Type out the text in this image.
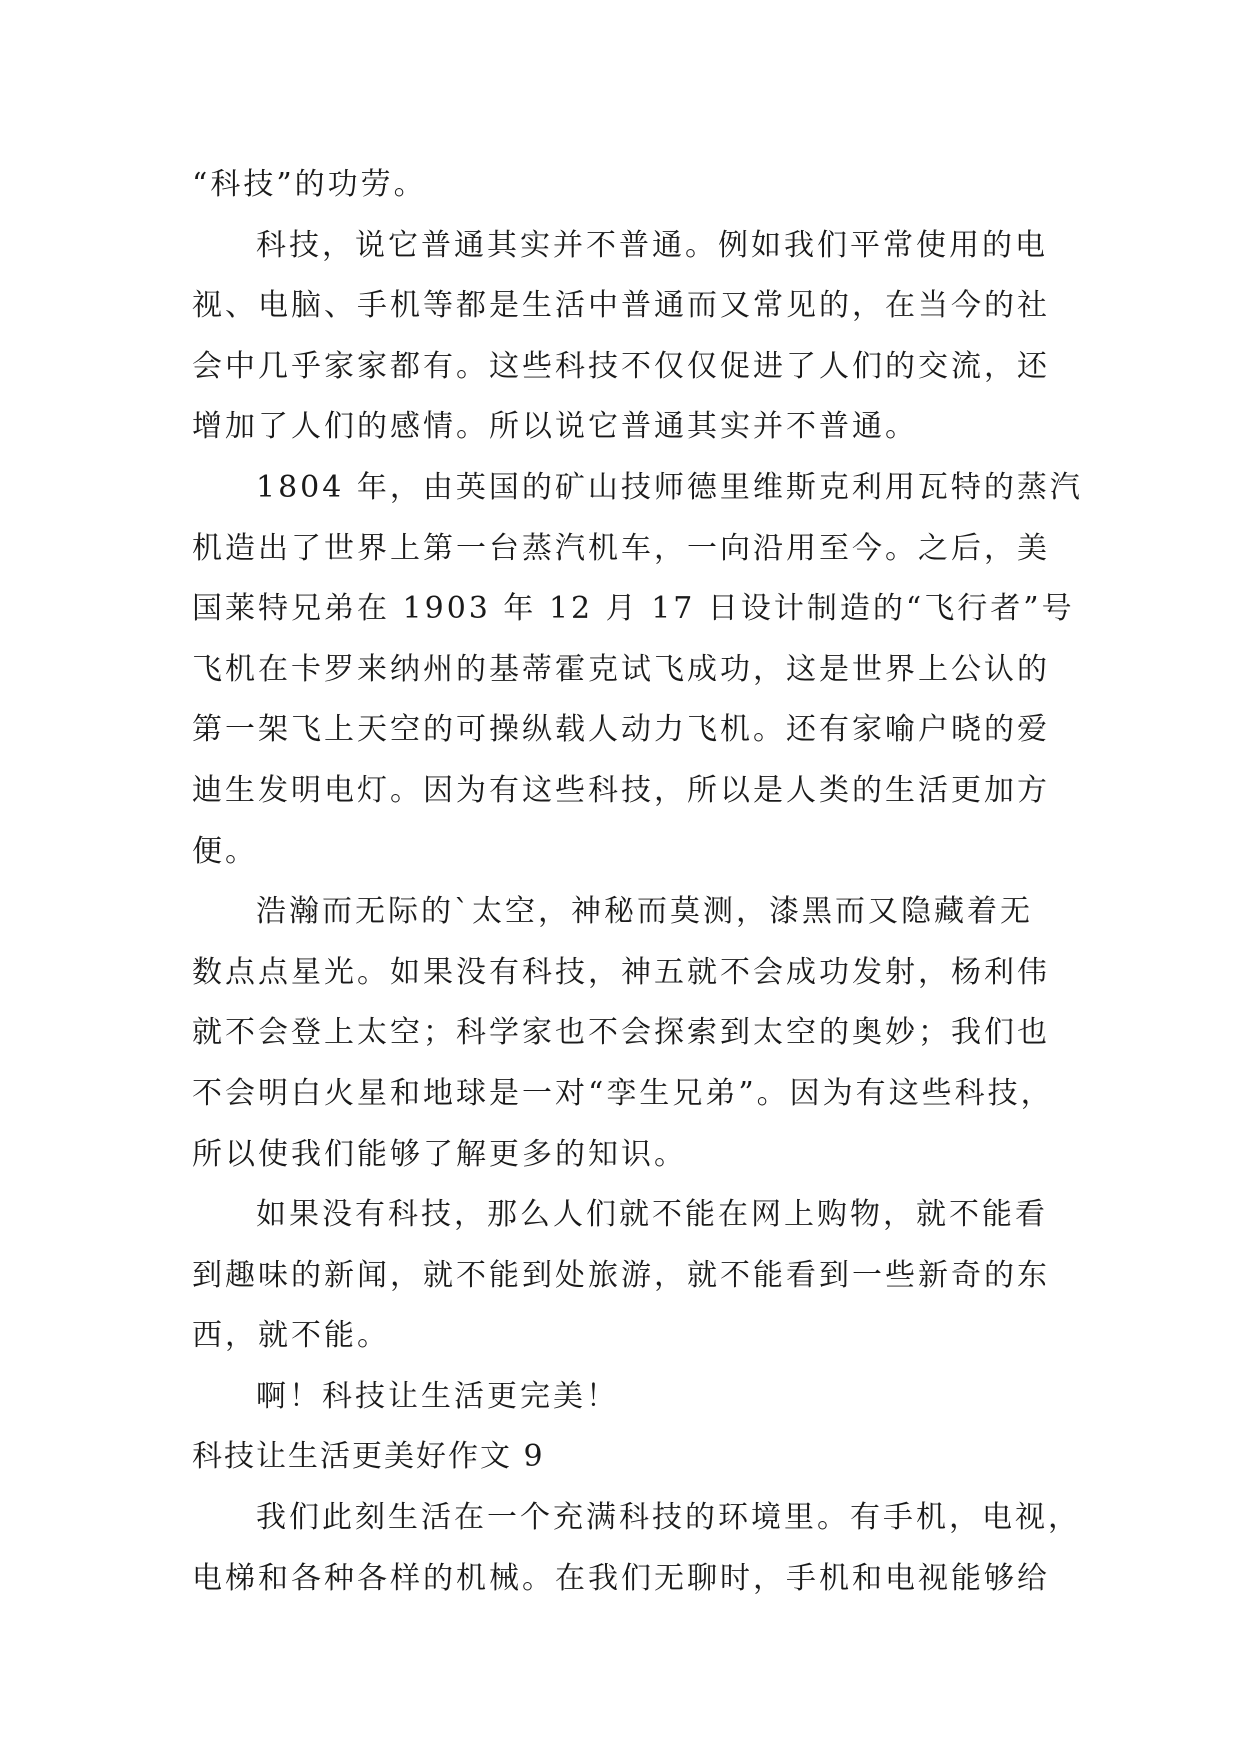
“科技”的功劳。
科技，说它普通其实并不普通。例如我们平常使用的电
视、电脑、手机等都是生活中普通而又常见的，在当今的社
会中几乎家家都有。这些科技不仅仅促进了人们的交流，还
增加了人们的感情。所以说它普通其实并不普通。
1804 年，由英国的矿山技师德里维斯克利用瓦特的蒸汽
机造出了世界上第一台蒸汽机车，一向沿用至今。之后，美
国莱特兄弟在 1903 年 12 月 17 日设计制造的“飞行者”号
飞机在卡罗来纳州的基蒂霍克试飞成功，这是世界上公认的
第一架飞上天空的可操纵载人动力飞机。还有家喻户晓的爱
迪生发明电灯。因为有这些科技，所以是人类的生活更加方
便。
浩瀚而无际的`太空，神秘而莫测，漆黑而又隐藏着无
数点点星光。如果没有科技，神五就不会成功发射，杨利伟
就不会登上太空；科学家也不会探索到太空的奥妙；我们也
不会明白火星和地球是一对“孪生兄弟”。因为有这些科技，
所以使我们能够了解更多的知识。
如果没有科技，那么人们就不能在网上购物，就不能看
到趣味的新闻，就不能到处旅游，就不能看到一些新奇的东
西，就不能。
啊！科技让生活更完美！
科技让生活更美好作文 9
我们此刻生活在一个充满科技的环境里。有手机，电视，
电梯和各种各样的机械。在我们无聊时，手机和电视能够给
